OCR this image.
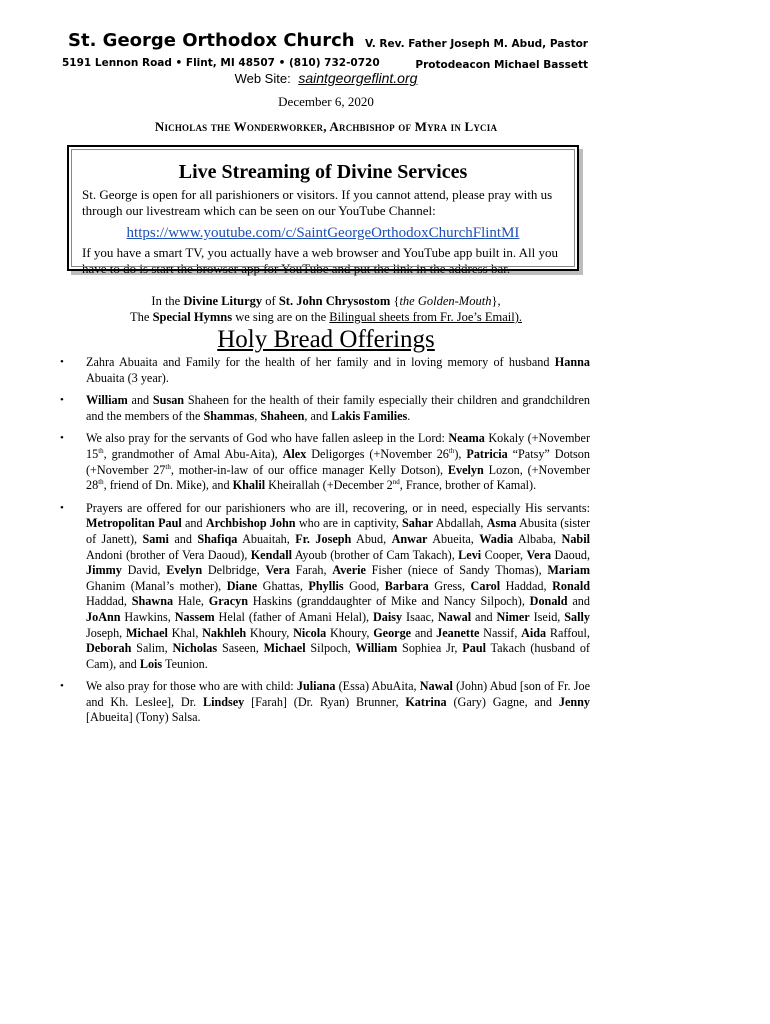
St. George Orthodox Church
5191 Lennon Road • Flint, MI 48507 • (810) 732-0720
V. Rev. Father Joseph M. Abud, Pastor
Protodeacon Michael Bassett
Web Site: saintgeorgeflint.org
December 6, 2020
Nicholas the Wonderworker, Archbishop of Myra in Lycia
Live Streaming of Divine Services
St. George is open for all parishioners or visitors. If you cannot attend, please pray with us through our livestream which can be seen on our YouTube Channel:
https://www.youtube.com/c/SaintGeorgeOrthodoxChurchFlintMI
If you have a smart TV, you actually have a web browser and YouTube app built in. All you have to do is start the browser app for YouTube and put the link in the address bar.
In the Divine Liturgy of St. John Chrysostom {the Golden-Mouth},
The Special Hymns we sing are on the Bilingual sheets from Fr. Joe’s Email).
Holy Bread Offerings
• Zahra Abuaita and Family for the health of her family and in loving memory of husband Hanna Abuaita (3 year).
• William and Susan Shaheen for the health of their family especially their children and grandchildren and the members of the Shammas, Shaheen, and Lakis Families.
• We also pray for the servants of God who have fallen asleep in the Lord: Neama Kokaly (+November 15th, grandmother of Amal Abu-Aita), Alex Deligorges (+November 26th), Patricia “Patsy” Dotson (+November 27th, mother-in-law of our office manager Kelly Dotson), Evelyn Lozon, (+November 28th, friend of Dn. Mike), and Khalil Kheirallah (+December 2nd, France, brother of Kamal).
• Prayers are offered for our parishioners who are ill, recovering, or in need, especially His servants: Metropolitan Paul and Archbishop John who are in captivity, Sahar Abdallah, Asma Abusita (sister of Janett), Sami and Shafiqa Abuaitah, Fr. Joseph Abud, Anwar Abueita, Wadia Albaba, Nabil Andoni (brother of Vera Daoud), Kendall Ayoub (brother of Cam Takach), Levi Cooper, Vera Daoud, Jimmy David, Evelyn Delbridge, Vera Farah, Averie Fisher (niece of Sandy Thomas), Mariam Ghanim (Manal’s mother), Diane Ghattas, Phyllis Good, Barbara Gress, Carol Haddad, Ronald Haddad, Shawna Hale, Gracyn Haskins (granddaughter of Mike and Nancy Silpoch), Donald and JoAnn Hawkins, Nassem Helal (father of Amani Helal), Daisy Isaac, Nawal and Nimer Iseid, Sally Joseph, Michael Khal, Nakhleh Khoury, Nicola Khoury, George and Jeanette Nassif, Aida Raffoul, Deborah Salim, Nicholas Saseen, Michael Silpoch, William Sophiea Jr, Paul Takach (husband of Cam), and Lois Teunion.
• We also pray for those who are with child: Juliana (Essa) AbuAita, Nawal (John) Abud [son of Fr. Joe and Kh. Leslee], Dr. Lindsey [Farah] (Dr. Ryan) Brunner, Katrina (Gary) Gagne, and Jenny [Abueita] (Tony) Salsa.
